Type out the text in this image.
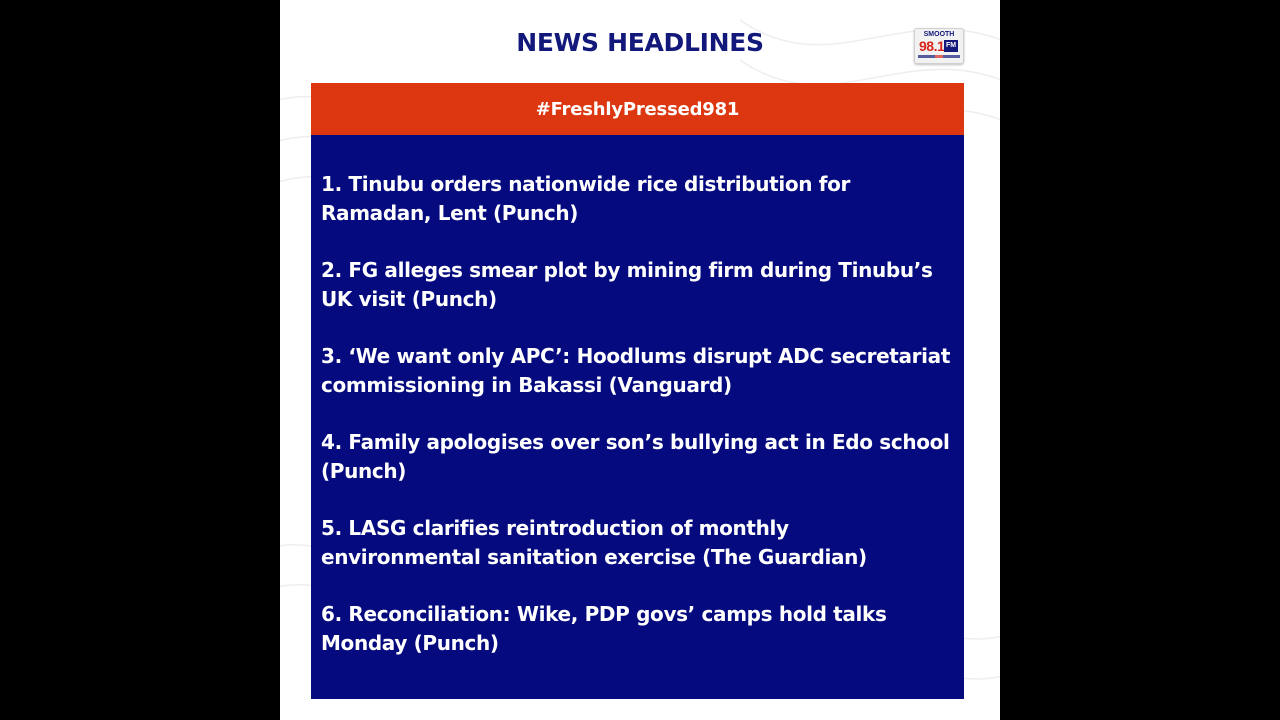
NEWS HEADLINES	SMOOTH
98.1 FM
#FreshlyPressed981
1. Tinubu orders nationwide rice distribution for Ramadan, Lent (Punch)
2. FG alleges smear plot by mining firm during Tinubu’s UK visit (Punch)
3. ‘We want only APC’: Hoodlums disrupt ADC secretariat commissioning in Bakassi (Vanguard)
4. Family apologises over son’s bullying act in Edo school (Punch)
5. LASG clarifies reintroduction of monthly environmental sanitation exercise (The Guardian)
6. Reconciliation: Wike, PDP govs’ camps hold talks Monday (Punch)
